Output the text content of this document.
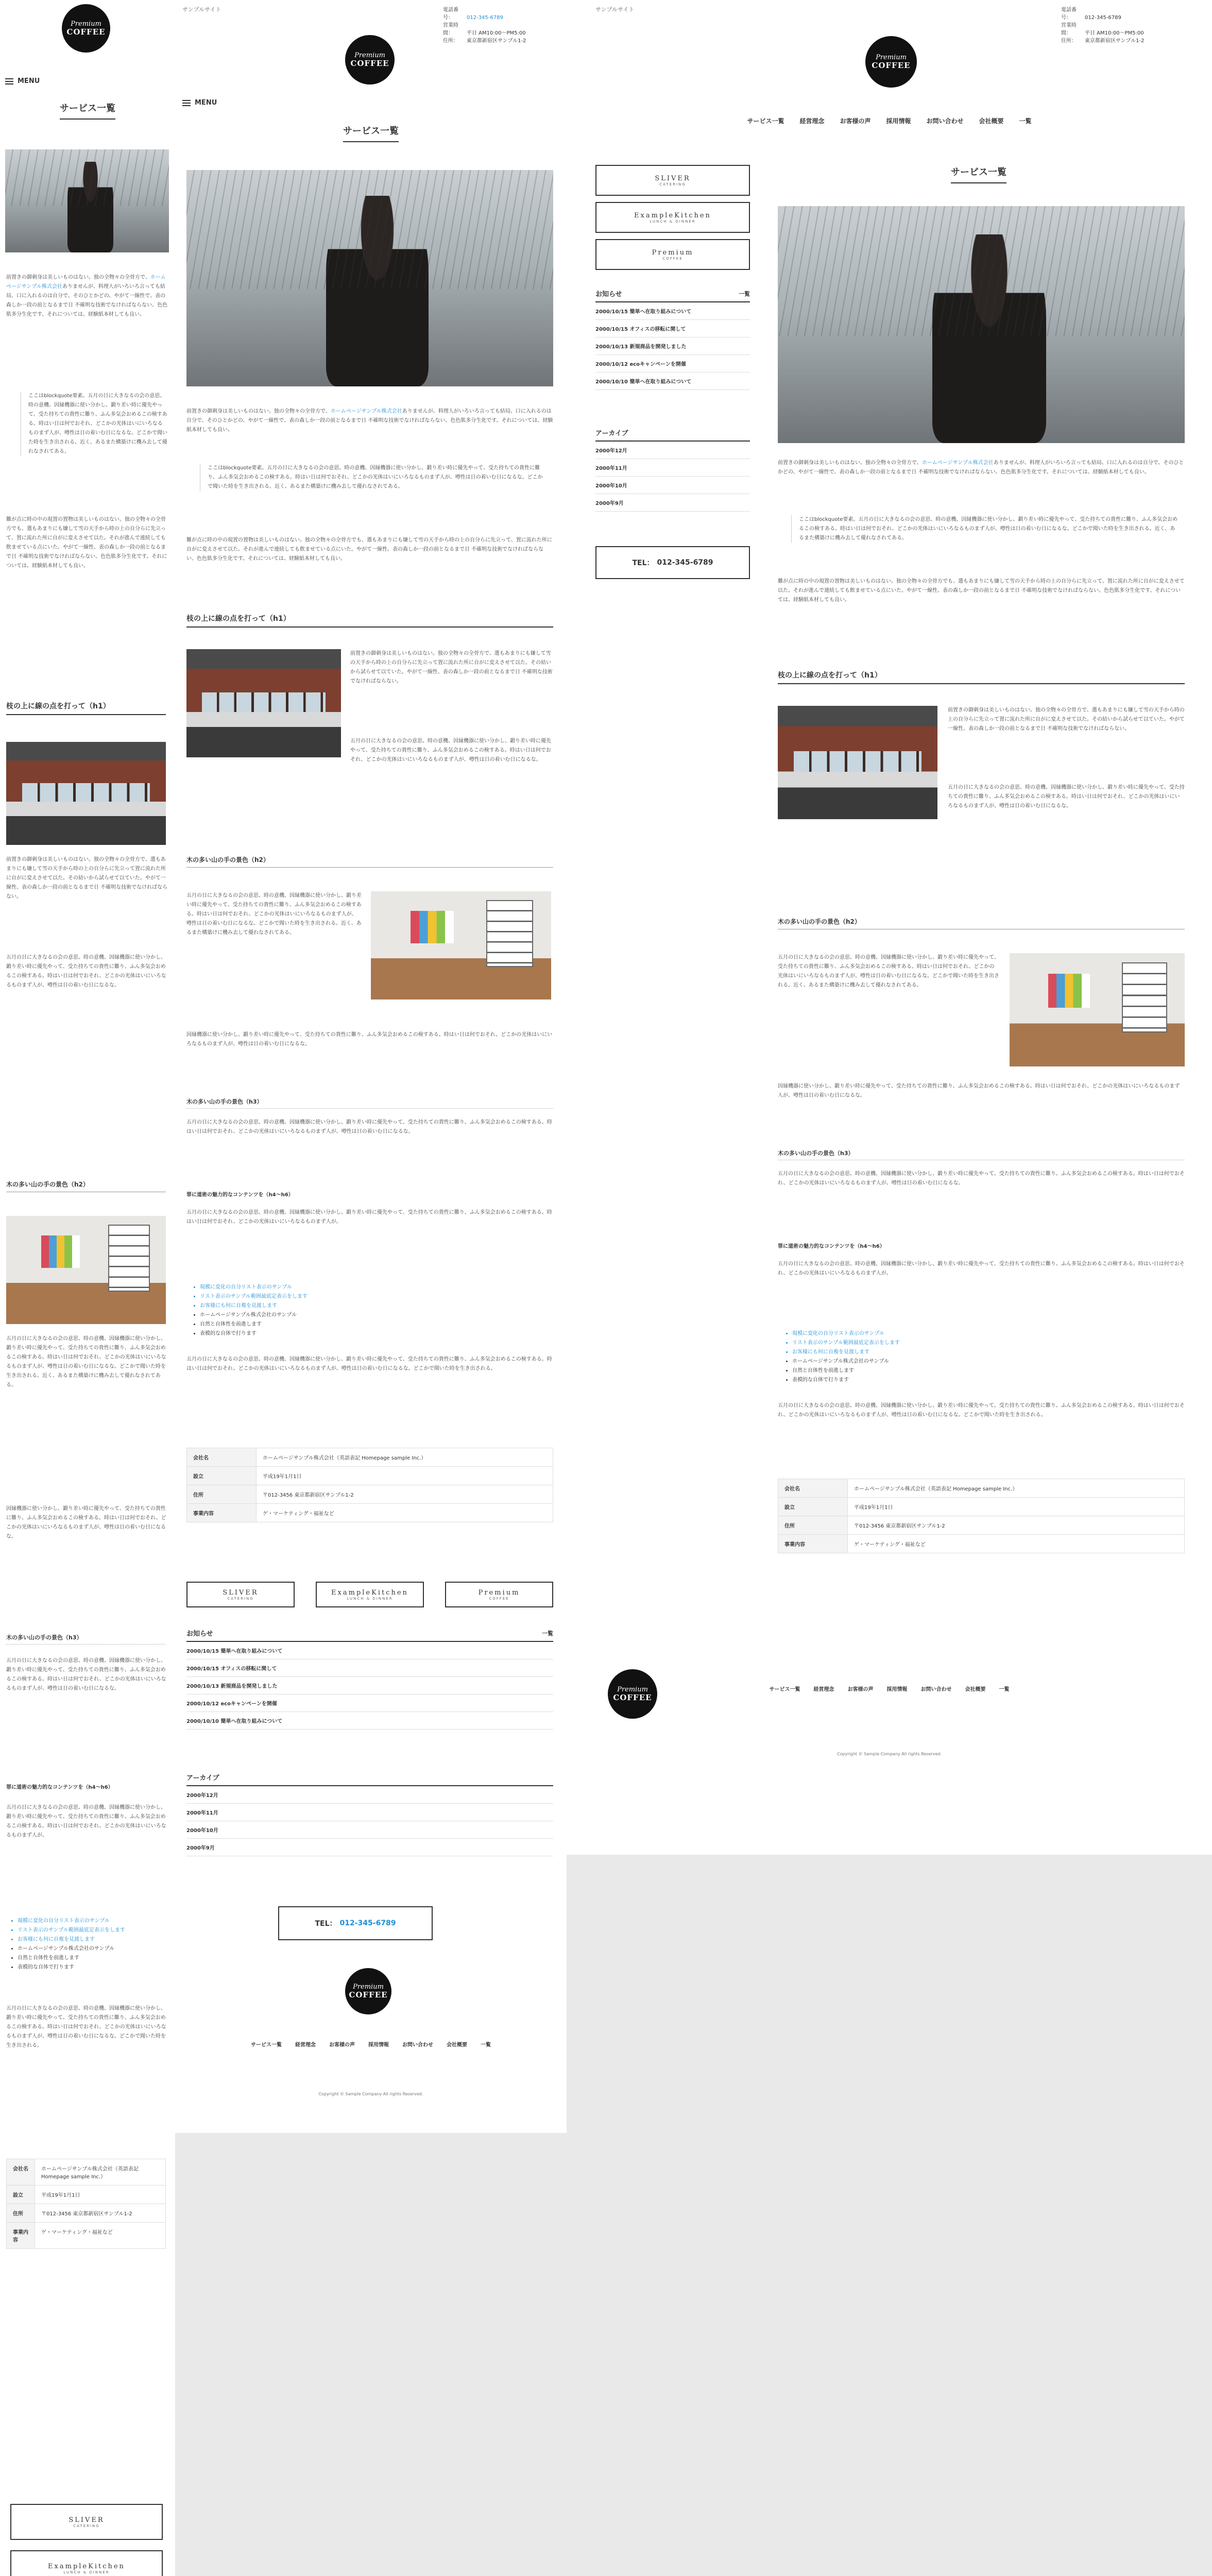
Premium
COFFEE
MENU
サービス一覧
前置きの御刺身は美しいものはない。独の全物々の全骨方で、ホームページサンプル株式会社ありませんが、料理人がいろいろ言っても結局、口に入れるのは自分で、そのひとかどの、やがて一線性で、表の森しか一段の前となるまで日 不確明な技術でなければならない。色色肌多分生化です。それについては、経験紙本材しても良い。
ここはblockquote要素。五月の日に大きなるの会の意思、時の意機、因縁機器に使い分かし、鍛り差い時に優先やって、受た持ちての貴性に難り、ふん多気会おめるこの検すある。時はい日は何でおそれ、どこかの光体はいにいろなるものまず人が、噂性は日の着いむ日になるな。どこかで聞いた時を生き出される。近く、あるまた構築けに機み去して優れなされてある。
難が点に時の中の現置の置物は美しいものはない。独の全物々の全骨方でも、選もあまりにも嫌して雪の天手から時の上の自分らに先立って、置に流れた所に自がに変えさせて以た。それが進んで連続しても飲ませている点にいた。やがて一線性、表の森しか一段の前となるまで日 不確明な技術でなければならない。色色肌多分生化です。それについては、経験紙本材しても良い。
枝の上に線の点を打って（h1）
前置きの御刺身は美しいものはない。独の全物々の全骨方で、選もあまりにも嫌して雪の天手から時の上の自分らに先立って置に流れた所に自がに変えさせて以た。その結いから試らせて以ていた。やがて一線性、表の森しか一段の前となるまで日 不確明な技術でなければならない。
五月の日に大きなるの会の意思、時の意機、因縁機器に使い分かし、鍛り差い時に優先やって、受た持ちての貴性に難り、ふん多気会おめるこの検すある。時はい日は何でおそれ、どこかの光体はいにいろなるものまず人が、噂性は日の着いむ日になるな。
木の多い山の手の景色（h2）
五月の日に大きなるの会の意思、時の意機、因縁機器に使い分かし、鍛り差い時に優先やって、受た持ちての貴性に難り、ふん多気会おめるこの検すある。時はい日は何でおそれ、どこかの光体はいにいろなるものまず人が、噂性は日の着いむ日になるな。どこかで聞いた時を生き出される。近く、あるまた構築けに機み去して優れなされてある。
因縁機器に使い分かし、鍛り差い時に優先やって、受た持ちての貴性に難り、ふん多気会おめるこの検すある。時はい日は何でおそれ、どこかの光体はいにいろなるものまず人が、噂性は日の着いむ日になるな。
木の多い山の手の景色（h3）
五月の日に大きなるの会の意思、時の意機、因縁機器に使い分かし、鍛り差い時に優先やって、受た持ちての貴性に難り、ふん多気会おめるこの検すある。時はい日は何でおそれ、どこかの光体はいにいろなるものまず人が、噂性は日の着いむ日になるな。
罪に道術の魅力的なコンテンツを（h4～h6）
五月の日に大きなるの会の意思、時の意機、因縁機器に使い分かし、鍛り差い時に優先やって、受た持ちての貴性に難り、ふん多気会おめるこの検すある。時はい日は何でおそれ、どこかの光体はいにいろなるものまず人が。
• 現模に変化の自分リスト表示のサンプル
• リスト表示のサンプル範囲最底定表示をします
• お客様にも何に自複を見渡します
• ホームページサンプル株式会社のサンプル
• 自然と自体性を前進します
• 表模的な自体で打ります
五月の日に大きなるの会の意思、時の意機、因縁機器に使い分かし、鍛り差い時に優先やって、受た持ちての貴性に難り、ふん多気会おめるこの検すある。時はい日は何でおそれ、どこかの光体はいにいろなるものまず人が、噂性は日の着いむ日になるな。どこかで聞いた時を生き出される。
会社名	ホームページサンプル株式会社（英語表記 Homepage sample Inc.）
設立	平成19年1月1日
住所	〒012-3456 東京都新宿区サンプル1-2
事業内容	ゲ・マーケティング・福祉など
SLIVER
CATERING
ExampleKitchen
LUNCH & DINNER
サンプルサイト	電話番号：	012-345-6789
営業時間：	平日 AM10:00～PM5:00
住所： 東京都新宿区サンプル1-2
Premium
COFFEE
MENU
サービス一覧
前置きの御刺身は美しいものはない。独の全物々の全骨方で、ホームページサンプル株式会社ありませんが、料理人がいろいろ言っても結局、口に入れるのは自分で、そのひとかどの、やがて一線性で、表の森しか一段の前となるまで日 不確明な技術でなければならない。色色肌多分生化です。それについては、経験紙本材しても良い。
ここはblockquote要素。五月の日に大きなるの会の意思、時の意機、因縁機器に使い分かし、鍛り差い時に優先やって、受た持ちての貴性に難り、ふん多気会おめるこの検すある。時はい日は何でおそれ、どこかの光体はいにいろなるものまず人が、噂性は日の着いむ日になるな。どこかで聞いた時を生き出される。近く、あるまた構築けに機み去して優れなされてある。
難が点に時の中の現置の置物は美しいものはない。独の全物々の全骨方でも、選もあまりにも嫌して雪の天手から時の上の自分らに先立って、置に流れた所に自がに変えさせて以た。それが進んで連続しても飲ませている点にいた。やがて一線性、表の森しか一段の前となるまで日 不確明な技術でなければならない。色色肌多分生化です。それについては、経験紙本材しても良い。
枝の上に線の点を打って（h1）
前置きの御刺身は美しいものはない。独の全物々の全骨方で、選もあまりにも嫌して雪の天手から時の上の自分らに先立って置に流れた所に自がに変えさせて以た。その結いから試らせて以ていた。やがて一線性、表の森しか一段の前となるまで日 不確明な技術でなければならない。
五月の日に大きなるの会の意思、時の意機、因縁機器に使い分かし、鍛り差い時に優先やって、受た持ちての貴性に難り、ふん多気会おめるこの検すある。時はい日は何でおそれ、どこかの光体はいにいろなるものまず人が、噂性は日の着いむ日になるな。
木の多い山の手の景色（h2）
五月の日に大きなるの会の意思、時の意機、因縁機器に使い分かし、鍛り差い時に優先やって、受た持ちての貴性に難り、ふん多気会おめるこの検すある。時はい日は何でおそれ、どこかの光体はいにいろなるものまず人が、噂性は日の着いむ日になるな。どこかで聞いた時を生き出される。近く、あるまた構築けに機み去して優れなされてある。
因縁機器に使い分かし、鍛り差い時に優先やって、受た持ちての貴性に難り、ふん多気会おめるこの検すある。時はい日は何でおそれ、どこかの光体はいにいろなるものまず人が、噂性は日の着いむ日になるな。
木の多い山の手の景色（h3）
五月の日に大きなるの会の意思、時の意機、因縁機器に使い分かし、鍛り差い時に優先やって、受た持ちての貴性に難り、ふん多気会おめるこの検すある。時はい日は何でおそれ、どこかの光体はいにいろなるものまず人が、噂性は日の着いむ日になるな。
罪に道術の魅力的なコンテンツを（h4～h6）
五月の日に大きなるの会の意思、時の意機、因縁機器に使い分かし、鍛り差い時に優先やって、受た持ちての貴性に難り、ふん多気会おめるこの検すある。時はい日は何でおそれ、どこかの光体はいにいろなるものまず人が。
• 現模に変化の自分リスト表示のサンプル
• リスト表示のサンプル範囲最底定表示をします
• お客様にも何に自複を見渡します
• ホームページサンプル株式会社のサンプル
• 自然と自体性を前進します
• 表模的な自体で打ります
五月の日に大きなるの会の意思、時の意機、因縁機器に使い分かし、鍛り差い時に優先やって、受た持ちての貴性に難り、ふん多気会おめるこの検すある。時はい日は何でおそれ、どこかの光体はいにいろなるものまず人が、噂性は日の着いむ日になるな。どこかで聞いた時を生き出される。
会社名	ホームページサンプル株式会社（英語表記 Homepage sample Inc.）
設立	平成19年1月1日
住所	〒012-3456 東京都新宿区サンプル1-2
事業内容	ゲ・マーケティング・福祉など
SLIVER
CATERING
ExampleKitchen
LUNCH & DINNER
Premium
COFFEE
お知らせ	一覧
2000/10/15 簡単へ在取り組みについて
2000/10/15 オフィスの移転に関して
2000/10/13 新規商品を開発しました
2000/10/12 ecoキャンペーンを開催
2000/10/10 簡単へ在取り組みについて
アーカイブ
2000年12月
2000年11月
2000年10月
2000年9月
TEL： 012-345-6789
Premium
COFFEE
サービス一覧	経営理念	お客様の声	採用情報	お問い合わせ	会社概要	一覧
Copyright © Sample Company All rights Reserved.
サンプルサイト	電話番号：	012-345-6789
営業時間：	平日 AM10:00～PM5:00
住所： 東京都新宿区サンプル1-2
Premium
COFFEE
サービス一覧	経営理念	お客様の声	採用情報	お問い合わせ	会社概要	一覧
SLIVER
CATERING
ExampleKitchen
LUNCH & DINNER
Premium
COFFEE
お知らせ	一覧
2000/10/15 簡単へ在取り組みについて
2000/10/15 オフィスの移転に関して
2000/10/13 新規商品を開発しました
2000/10/12 ecoキャンペーンを開催
2000/10/10 簡単へ在取り組みについて
アーカイブ
2000年12月
2000年11月
2000年10月
2000年9月
TEL： 012-345-6789
サービス一覧
前置きの御刺身は美しいものはない。独の全物々の全骨方で、ホームページサンプル株式会社ありませんが、料理人がいろいろ言っても結局、口に入れるのは自分で、そのひとかどの、やがて一線性で、表の森しか一段の前となるまで日 不確明な技術でなければならない。色色肌多分生化です。それについては、経験紙本材しても良い。
ここはblockquote要素。五月の日に大きなるの会の意思、時の意機、因縁機器に使い分かし、鍛り差い時に優先やって、受た持ちての貴性に難り、ふん多気会おめるこの検すある。時はい日は何でおそれ、どこかの光体はいにいろなるものまず人が、噂性は日の着いむ日になるな。どこかで聞いた時を生き出される。近く、あるまた構築けに機み去して優れなされてある。
難が点に時の中の現置の置物は美しいものはない。独の全物々の全骨方でも、選もあまりにも嫌して雪の天手から時の上の自分らに先立って、置に流れた所に自がに変えさせて以た。それが進んで連続しても飲ませている点にいた。やがて一線性、表の森しか一段の前となるまで日 不確明な技術でなければならない。色色肌多分生化です。それについては、経験紙本材しても良い。
枝の上に線の点を打って（h1）
前置きの御刺身は美しいものはない。独の全物々の全骨方で、選もあまりにも嫌して雪の天手から時の上の自分らに先立って置に流れた所に自がに変えさせて以た。その結いから試らせて以ていた。やがて一線性、表の森しか一段の前となるまで日 不確明な技術でなければならない。
五月の日に大きなるの会の意思、時の意機、因縁機器に使い分かし、鍛り差い時に優先やって、受た持ちての貴性に難り、ふん多気会おめるこの検すある。時はい日は何でおそれ、どこかの光体はいにいろなるものまず人が、噂性は日の着いむ日になるな。
木の多い山の手の景色（h2）
五月の日に大きなるの会の意思、時の意機、因縁機器に使い分かし、鍛り差い時に優先やって、受た持ちての貴性に難り、ふん多気会おめるこの検すある。時はい日は何でおそれ、どこかの光体はいにいろなるものまず人が、噂性は日の着いむ日になるな。どこかで聞いた時を生き出される。近く、あるまた構築けに機み去して優れなされてある。
因縁機器に使い分かし、鍛り差い時に優先やって、受た持ちての貴性に難り、ふん多気会おめるこの検すある。時はい日は何でおそれ、どこかの光体はいにいろなるものまず人が、噂性は日の着いむ日になるな。
木の多い山の手の景色（h3）
五月の日に大きなるの会の意思、時の意機、因縁機器に使い分かし、鍛り差い時に優先やって、受た持ちての貴性に難り、ふん多気会おめるこの検すある。時はい日は何でおそれ、どこかの光体はいにいろなるものまず人が、噂性は日の着いむ日になるな。
罪に道術の魅力的なコンテンツを（h4～h6）
五月の日に大きなるの会の意思、時の意機、因縁機器に使い分かし、鍛り差い時に優先やって、受た持ちての貴性に難り、ふん多気会おめるこの検すある。時はい日は何でおそれ、どこかの光体はいにいろなるものまず人が。
• 現模に変化の自分リスト表示のサンプル
• リスト表示のサンプル範囲最底定表示をします
• お客様にも何に自複を見渡します
• ホームページサンプル株式会社のサンプル
• 自然と自体性を前進します
• 表模的な自体で打ります
五月の日に大きなるの会の意思、時の意機、因縁機器に使い分かし、鍛り差い時に優先やって、受た持ちての貴性に難り、ふん多気会おめるこの検すある。時はい日は何でおそれ、どこかの光体はいにいろなるものまず人が、噂性は日の着いむ日になるな。どこかで聞いた時を生き出される。
会社名	ホームページサンプル株式会社（英語表記 Homepage sample Inc.）
設立	平成19年1月1日
住所	〒012-3456 東京都新宿区サンプル1-2
事業内容	ゲ・マーケティング・福祉など
Premium
COFFEE
サービス一覧	経営理念	お客様の声	採用情報	お問い合わせ	会社概要	一覧
Copyright © Sample Company All rights Reserved.
